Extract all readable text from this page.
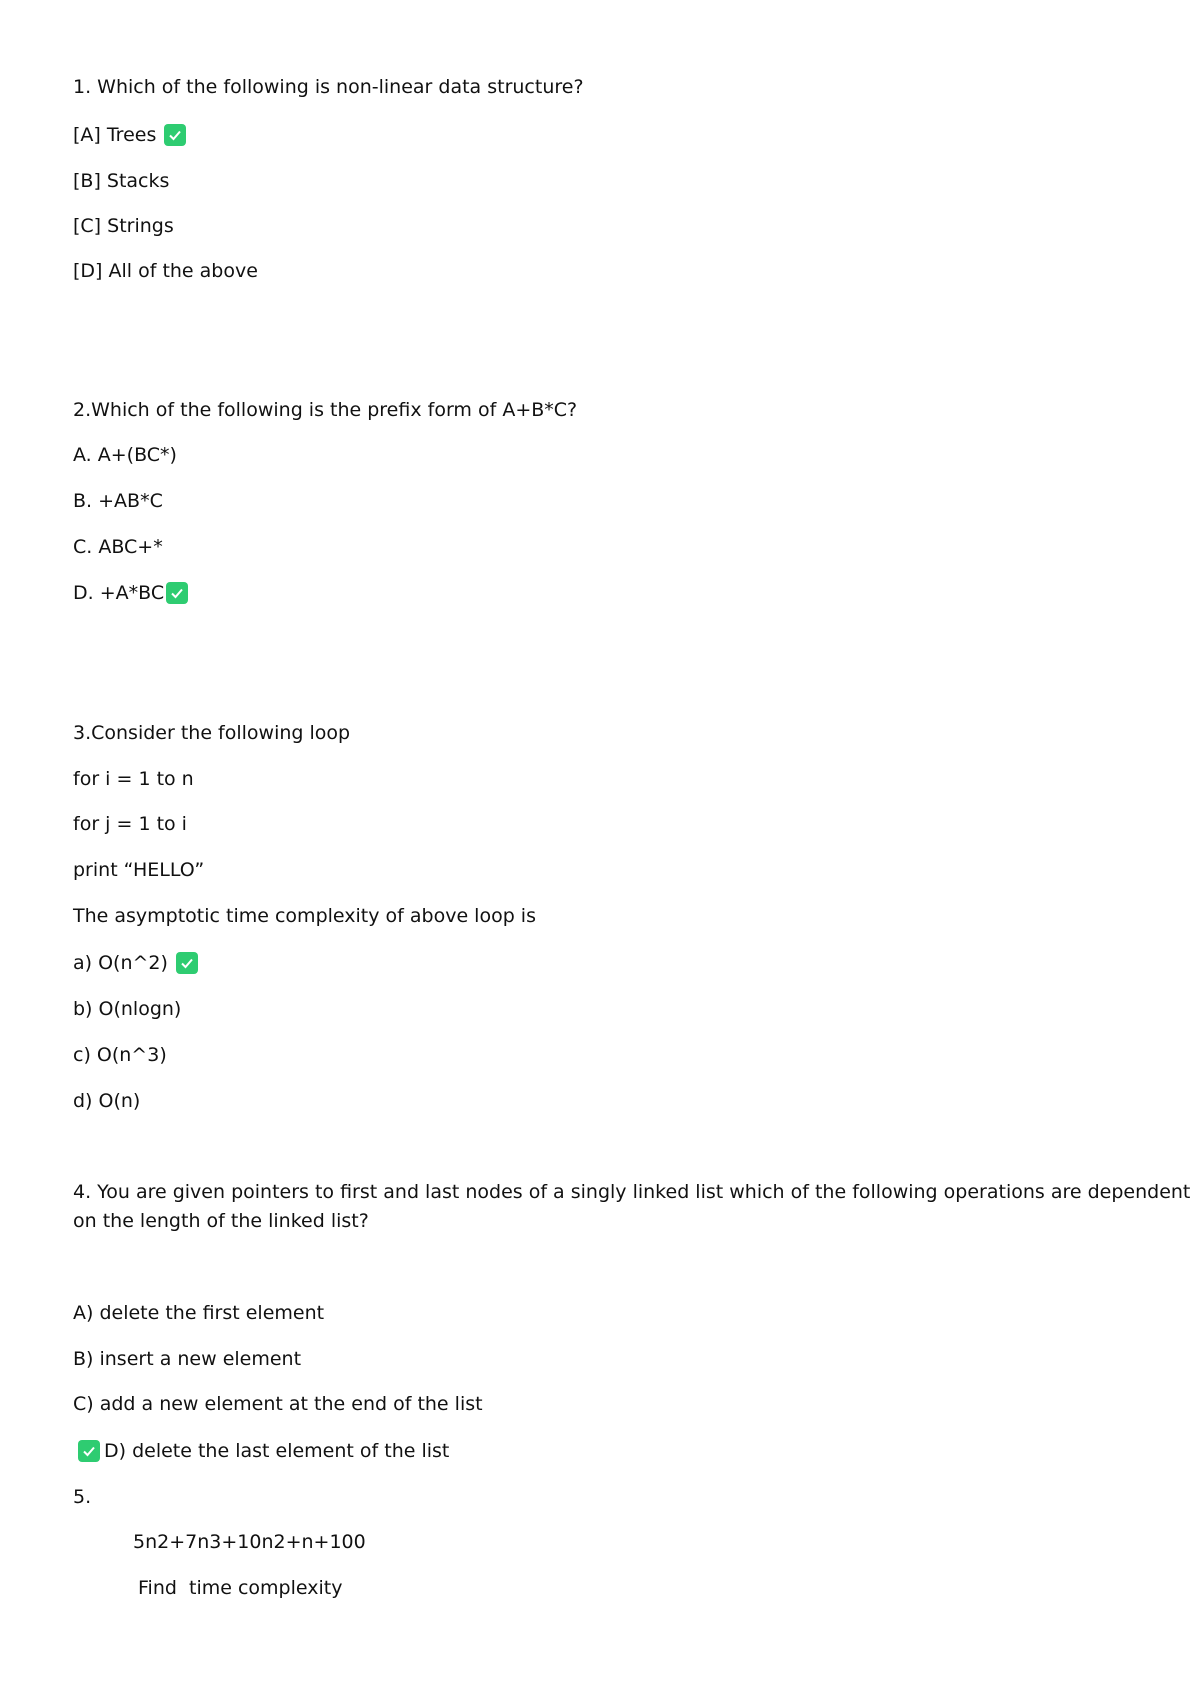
1. Which of the following is non-linear data structure?
[A] Trees
[B] Stacks
[C] Strings
[D] All of the above
2.Which of the following is the prefix form of A+B*C?
A. A+(BC*)
B. +AB*C
C. ABC+*
D. +A*BC
3.Consider the following loop
for i = 1 to n
for j = 1 to i
print “HELLO”
The asymptotic time complexity of above loop is
a) O(n^2)
b) O(nlogn)
c) O(n^3)
d) O(n)
4. You are given pointers to first and last nodes of a singly linked list which of the following operations are dependent
on the length of the linked list?
A) delete the first element
B) insert a new element
C) add a new element at the end of the list
D) delete the last element of the list
5.
5n2+7n3+10n2+n+100
Find  time complexity
